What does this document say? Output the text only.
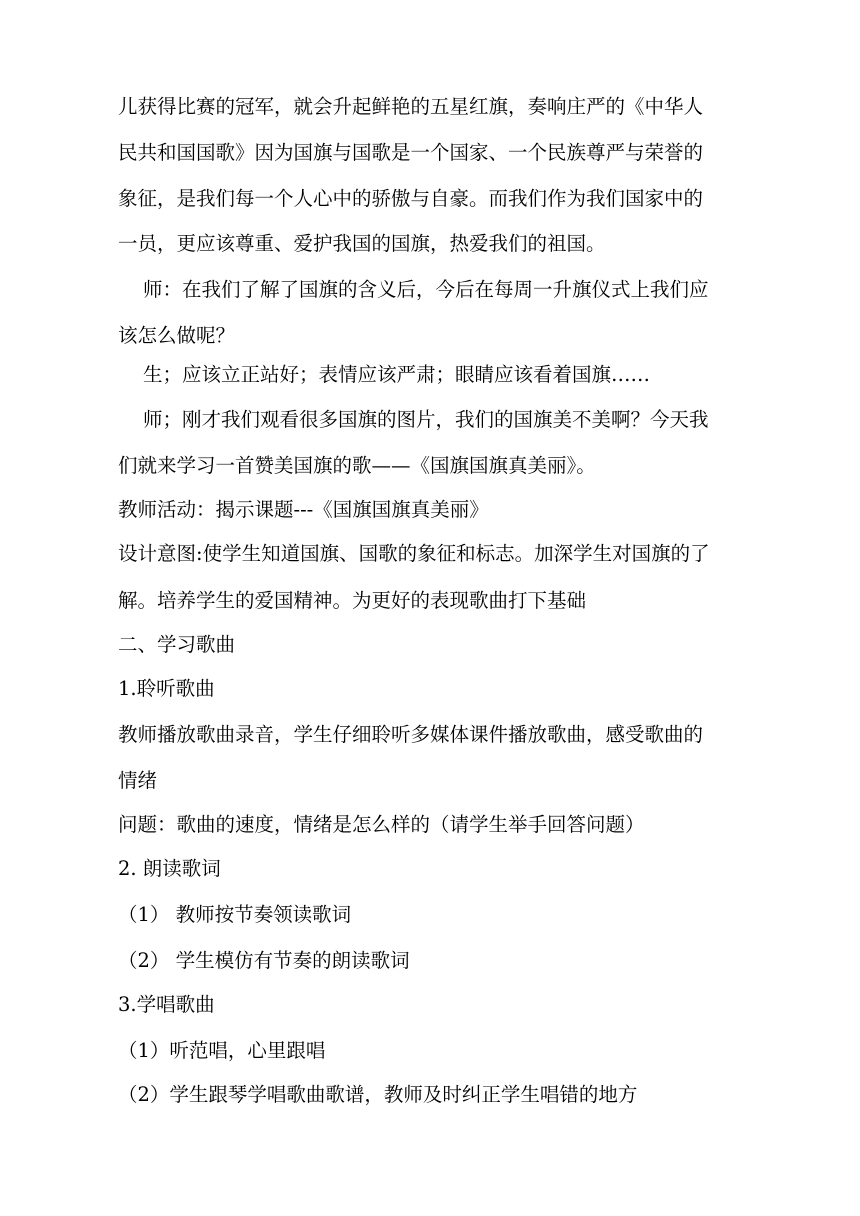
儿获得比赛的冠军，就会升起鲜艳的五星红旗，奏响庄严的《中华人
民共和国国歌》因为国旗与国歌是一个国家、一个民族尊严与荣誉的
象征，是我们每一个人心中的骄傲与自豪。而我们作为我们国家中的
一员，更应该尊重、爱护我国的国旗，热爱我们的祖国。
师：在我们了解了国旗的含义后，今后在每周一升旗仪式上我们应
该怎么做呢？
生；应该立正站好；表情应该严肃；眼睛应该看着国旗……
师；刚才我们观看很多国旗的图片，我们的国旗美不美啊？今天我
们就来学习一首赞美国旗的歌——《国旗国旗真美丽》。
教师活动：揭示课题---《国旗国旗真美丽》
设计意图:使学生知道国旗、国歌的象征和标志。加深学生对国旗的了
解。培养学生的爱国精神。为更好的表现歌曲打下基础
二、学习歌曲
1.聆听歌曲
教师播放歌曲录音，学生仔细聆听多媒体课件播放歌曲，感受歌曲的
情绪
问题：歌曲的速度，情绪是怎么样的（请学生举手回答问题）
2. 朗读歌词
（1） 教师按节奏领读歌词
（2） 学生模仿有节奏的朗读歌词
3.学唱歌曲
（1）听范唱，心里跟唱
（2）学生跟琴学唱歌曲歌谱，教师及时纠正学生唱错的地方
